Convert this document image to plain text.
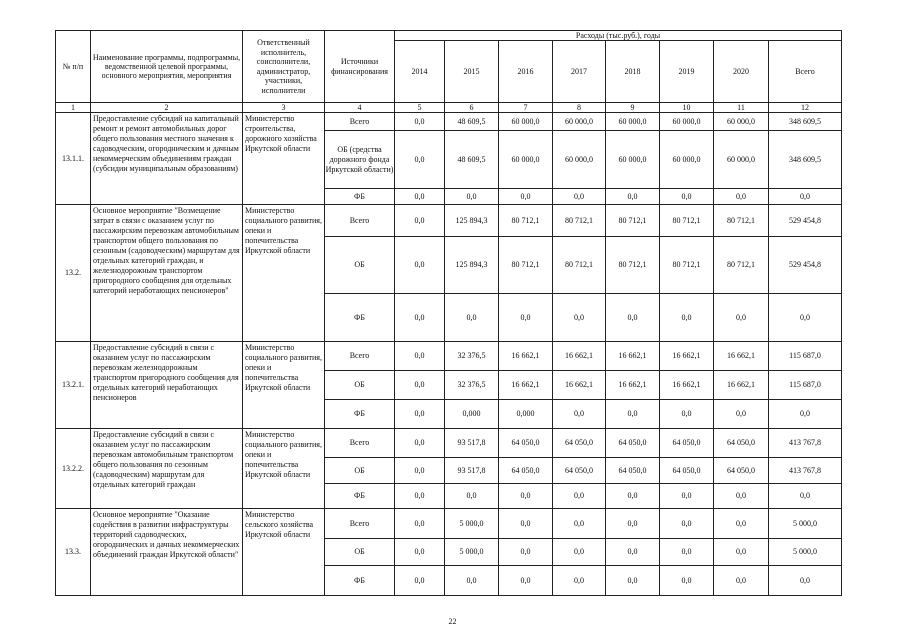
№ п/п	Наименование программы, подпрограммы, ведомственной целевой программы, основного мероприятия, мероприятия	Ответственный исполнитель, соисполнители, администратор, участники, исполнители	Источники финансирования	Расходы (тыс.руб.), годы							
				2014	2015	2016	2017	2018	2019	2020	Всего
1	2	3	4	5	6	7	8	9	10	11	12
13.1.1.	Предоставление субсидий на капитальный ремонт и ремонт автомобильных дорог общего пользования местного значения к садоводческим, огородническим и дачным некоммерческим объединениям граждан (субсидии муниципальным образованиям)	Министерство строительства, дорожного хозяйства Иркутской области	Всего	0,0	48 609,5	60 000,0	60 000,0	60 000,0	60 000,0	60 000,0	348 609,5
			ОБ (средства дорожного фонда Иркутской области)	0,0	48 609,5	60 000,0	60 000,0	60 000,0	60 000,0	60 000,0	348 609,5
			ФБ	0,0	0,0	0,0	0,0	0,0	0,0	0,0	0,0
13.2.	Основное мероприятие "Возмещение затрат в связи с оказанием услуг по пассажирским перевозкам автомобильным транспортом общего пользования по сезонным (садоводческим) маршрутам для отдельных категорий граждан, и железнодорожным транспортом пригородного сообщения для отдельных категорий неработающих пенсионеров"	Министерство социального развития, опеки и попечительства Иркутской области	Всего	0,0	125 894,3	80 712,1	80 712,1	80 712,1	80 712,1	80 712,1	529 454,8
			ОБ	0,0	125 894,3	80 712,1	80 712,1	80 712,1	80 712,1	80 712,1	529 454,8
			ФБ	0,0	0,0	0,0	0,0	0,0	0,0	0,0	0,0
13.2.1.	Предоставление субсидий в связи с оказанием услуг по пассажирским перевозкам железнодорожным транспортом пригородного сообщения для отдельных категорий неработающих пенсионеров	Министерство социального развития, опеки и попечительства Иркутской области	Всего	0,0	32 376,5	16 662,1	16 662,1	16 662,1	16 662,1	16 662,1	115 687,0
			ОБ	0,0	32 376,5	16 662,1	16 662,1	16 662,1	16 662,1	16 662,1	115 687,0
			ФБ	0,0	0,000	0,000	0,0	0,0	0,0	0,0	0,0
13.2.2.	Предоставление субсидий в связи с оказанием услуг по пассажирским перевозкам автомобильным транспортом общего пользования по сезонным (садоводческим) маршрутам для отдельных категорий граждан	Министерство социального развития, опеки и попечительства Иркутской области	Всего	0,0	93 517,8	64 050,0	64 050,0	64 050,0	64 050,0	64 050,0	413 767,8
			ОБ	0,0	93 517,8	64 050,0	64 050,0	64 050,0	64 050,0	64 050,0	413 767,8
			ФБ	0,0	0,0	0,0	0,0	0,0	0,0	0,0	0,0
13.3.	Основное мероприятие "Оказание содействия в развитии инфраструктуры территорий садоводческих, огороднических и дачных некоммерческих объединений граждан Иркутской области"	Министерство сельского хозяйства Иркутской области	Всего	0,0	5 000,0	0,0	0,0	0,0	0,0	0,0	5 000,0
			ОБ	0,0	5 000,0	0,0	0,0	0,0	0,0	0,0	5 000,0
			ФБ	0,0	0,0	0,0	0,0	0,0	0,0	0,0	0,0
22
